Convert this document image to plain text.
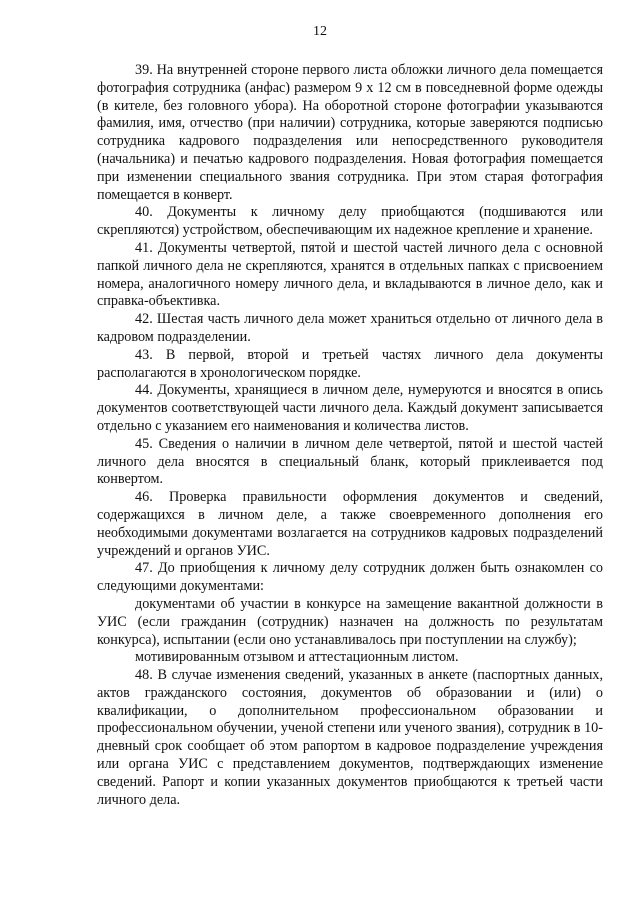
12

39. На внутренней стороне первого листа обложки личного дела помещается фотография сотрудника (анфас) размером 9 х 12 см в повседневной форме одежды (в кителе, без головного убора). На оборотной стороне фотографии указываются фамилия, имя, отчество (при наличии) сотрудника, которые заверяются подписью сотрудника кадрового подразделения или непосредственного руководителя (начальника) и печатью кадрового подразделения. Новая фотография помещается при изменении специального звания сотрудника. При этом старая фотография помещается в конверт.

40. Документы к личному делу приобщаются (подшиваются или скрепляются) устройством, обеспечивающим их надежное крепление и хранение.

41. Документы четвертой, пятой и шестой частей личного дела с основной папкой личного дела не скрепляются, хранятся в отдельных папках с присвоением номера, аналогичного номеру личного дела, и вкладываются в личное дело, как и справка-объективка.

42. Шестая часть личного дела может храниться отдельно от личного дела в кадровом подразделении.

43. В первой, второй и третьей частях личного дела документы располагаются в хронологическом порядке.

44. Документы, хранящиеся в личном деле, нумеруются и вносятся в опись документов соответствующей части личного дела. Каждый документ записывается отдельно с указанием его наименования и количества листов.

45. Сведения о наличии в личном деле четвертой, пятой и шестой частей личного дела вносятся в специальный бланк, который приклеивается под конвертом.

46. Проверка правильности оформления документов и сведений, содержащихся в личном деле, а также своевременного дополнения его необходимыми документами возлагается на сотрудников кадровых подразделений учреждений и органов УИС.

47. До приобщения к личному делу сотрудник должен быть ознакомлен со следующими документами:

документами об участии в конкурсе на замещение вакантной должности в УИС (если гражданин (сотрудник) назначен на должность по результатам конкурса), испытании (если оно устанавливалось при поступлении на службу);

мотивированным отзывом и аттестационным листом.

48. В случае изменения сведений, указанных в анкете (паспортных данных, актов гражданского состояния, документов об образовании и (или) о квалификации, о дополнительном профессиональном образовании и профессиональном обучении, ученой степени или ученого звания), сотрудник в 10-дневный срок сообщает об этом рапортом в кадровое подразделение учреждения или органа УИС с представлением документов, подтверждающих изменение сведений. Рапорт и копии указанных документов приобщаются к третьей части личного дела.
